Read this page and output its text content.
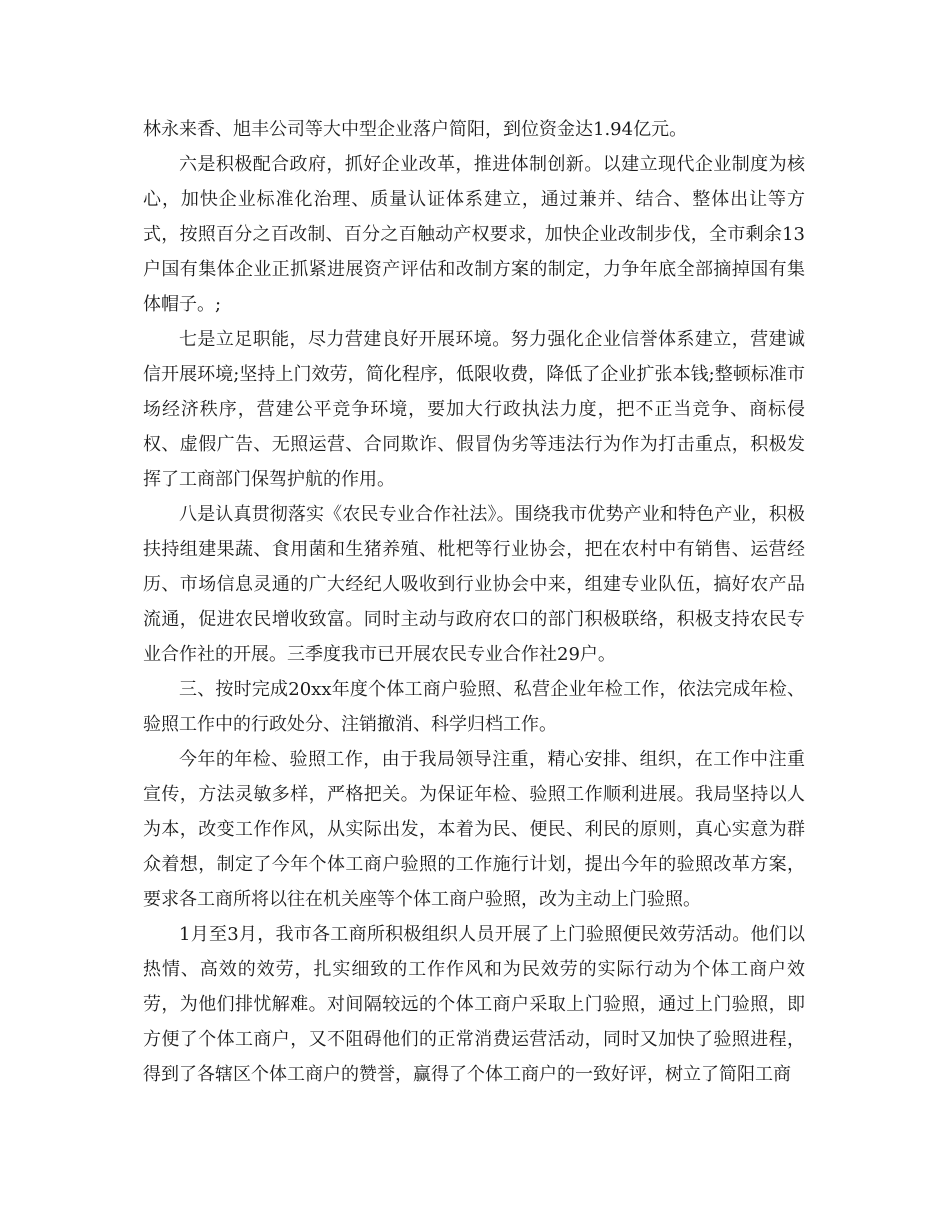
林永来香、旭丰公司等大中型企业落户简阳，到位资金达1.94亿元。

六是积极配合政府，抓好企业改革，推进体制创新。以建立现代企业制度为核心，加快企业标准化治理、质量认证体系建立，通过兼并、结合、整体出让等方式，按照百分之百改制、百分之百触动产权要求，加快企业改制步伐，全市剩余13户国有集体企业正抓紧进展资产评估和改制方案的制定，力争年底全部摘掉国有集体帽子。;

七是立足职能，尽力营建良好开展环境。努力强化企业信誉体系建立，营建诚信开展环境;坚持上门效劳，简化程序，低限收费，降低了企业扩张本钱;整顿标准市场经济秩序，营建公平竞争环境，要加大行政执法力度，把不正当竞争、商标侵权、虚假广告、无照运营、合同欺诈、假冒伪劣等违法行为作为打击重点，积极发挥了工商部门保驾护航的作用。

八是认真贯彻落实《农民专业合作社法》。围绕我市优势产业和特色产业，积极扶持组建果蔬、食用菌和生猪养殖、枇杷等行业协会，把在农村中有销售、运营经历、市场信息灵通的广大经纪人吸收到行业协会中来，组建专业队伍，搞好农产品流通，促进农民增收致富。同时主动与政府农口的部门积极联络，积极支持农民专业合作社的开展。三季度我市已开展农民专业合作社29户。

三、按时完成20xx年度个体工商户验照、私营企业年检工作，依法完成年检、验照工作中的行政处分、注销撤消、科学归档工作。

今年的年检、验照工作，由于我局领导注重，精心安排、组织，在工作中注重宣传，方法灵敏多样，严格把关。为保证年检、验照工作顺利进展。我局坚持以人为本，改变工作作风，从实际出发，本着为民、便民、利民的原则，真心实意为群众着想，制定了今年个体工商户验照的工作施行计划，提出今年的验照改革方案，要求各工商所将以往在机关座等个体工商户验照，改为主动上门验照。

1月至3月，我市各工商所积极组织人员开展了上门验照便民效劳活动。他们以热情、高效的效劳，扎实细致的工作作风和为民效劳的实际行动为个体工商户效劳，为他们排忧解难。对间隔较远的个体工商户采取上门验照，通过上门验照，即方便了个体工商户，又不阻碍他们的正常消费运营活动，同时又加快了验照进程，得到了各辖区个体工商户的赞誉，赢得了个体工商户的一致好评，树立了简阳工商
